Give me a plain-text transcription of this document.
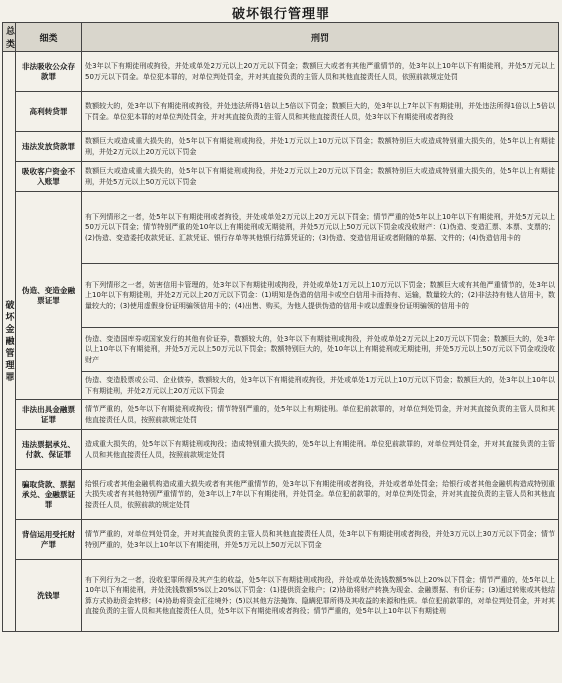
破坏银行管理罪
总类	细类	刑罚
破坏金融管理罪	非法吸收公众存款罪	处3年以下有期徒刑或拘役，并处或单处2万元以上20万元以下罚金；数额巨大或者有其他严重情节的，处3年以上10年以下有期徒刑，并处5万元以上50万元以下罚金。单位犯本罪的，对单位判处罚金，并对其直接负责的主管人员和其他直接责任人员，依照前款规定处罚
	高利转贷罪	数额较大的，处3年以下有期徒刑或拘役，并处违法所得1倍以上5倍以下罚金；数额巨大的，处3年以上7年以下有期徒刑，并处违法所得1倍以上5倍以下罚金。单位犯本罪的对单位判处罚金，并对其直接负责的主管人员和其他直接责任人员，处3年以下有期徒刑或者拘役
	违法发放贷款罪	数额巨大或造成重大损失的，处5年以下有期徒刑或拘役，并处1万元以上10万元以下罚金；数额特别巨大或造成特别重大损失的，处5年以上有期徒刑，并处2万元以上20万元以下罚金
	吸收客户资金不入账罪	数额巨大或造成重大损失的，处5年以下有期徒刑或拘役，并处2万元以上20万元以下罚金；数额特别巨大或造成特别重大损失的，处5年以上有期徒刑，并处5万元以上50万元以下罚金
	伪造、变造金融票证罪	有下列情形之一者，处5年以下有期徒刑或者拘役，并处或单处2万元以上20万元以下罚金；情节严重的处5年以上10年以下有期徒刑，并处5万元以上50万元以下罚金；情节特别严重的处10年以上有期徒刑或无期徒刑，并处5万元以上50万元以下罚金或没收财产：(1)伪造、变造汇票、本票、支票的；(2)伪造、变造委托收款凭证、汇款凭证、银行存单等其他银行结算凭证的；(3)伪造、变造信用证或者附随的单据、文件的；(4)伪造信用卡的
		有下列情形之一者，妨害信用卡管理的，处3年以下有期徒刑或拘役，并处或单处1万元以上10万元以下罚金；数额巨大或有其他严重情节的，处3年以上10年以下有期徒刑，并处2万元以上20万元以下罚金：(1)明知是伪造的信用卡或空白信用卡而持有、运输，数量较大的；(2)非法持有他人信用卡，数量较大的；(3)使用虚假身份证明骗领信用卡的；(4)出售、购买，为他人提供伪造的信用卡或以虚假身份证明骗领的信用卡的
		伪造、变造国库券或国家发行的其他有价证券，数额较大的，处3年以下有期徒刑或拘役，并处或单处2万元以上20万元以下罚金；数额巨大的，处3年以上10年以下有期徒刑，并处5万元以上50万元以下罚金；数额特别巨大的，处10年以上有期徒刑或无期徒刑，并处5万元以上50万元以下罚金或没收财产
		伪造、变造股票或公司、企业债券，数额较大的，处3年以下有期徒刑或拘役，并处或单处1万元以上10万元以下罚金；数额巨大的，处3年以上10年以下有期徒刑，并处2万元以上20万元以下罚金
	非法出具金融票证罪	情节严重的，处5年以下有期徒刑或拘役；情节特别严重的，处5年以上有期徒刑。单位犯前款罪的，对单位判处罚金，并对其直接负责的主管人员和其他直接责任人员，按照前款规定处罚
	违法票据承兑、付款、保证罪	造成重大损失的，处5年以下有期徒刑或拘役；造成特别重大损失的，处5年以上有期徒刑。单位犯前款罪的，对单位判处罚金，并对其直接负责的主管人员和其他直接责任人员，按照前款规定处罚
	骗取贷款、票据承兑、金融票证罪	给银行或者其他金融机构造成重大损失或者有其他严重情节的，处3年以下有期徒刑或者拘役，并处或者单处罚金；给银行或者其他金融机构造成特别重大损失或者有其他特别严重情节的，处3年以上7年以下有期徒刑，并处罚金。单位犯前款罪的，对单位判处罚金，并对其直接负责的主管人员和其他直接责任人员，依照前款的规定处罚
	背信运用受托财产罪	情节严重的，对单位判处罚金，并对其直接负责的主管人员和其他直接责任人员，处3年以下有期徒刑或者拘役，并处3万元以上30万元以下罚金；情节特别严重的，处3年以上10年以下有期徒刑，并处5万元以上50万元以下罚金
	洗钱罪	有下列行为之一者，没收犯罪所得及其产生的收益，处5年以下有期徒刑或拘役，并处或单处洗钱数额5%以上20%以下罚金；情节严重的，处5年以上10年以下有期徒刑，并处洗钱数额5%以上20%以下罚金：(1)提供资金账户；(2)协助将财产转换为现金、金融票据、有价证券；(3)通过转账或其他结算方式协助资金转移；(4)协助将资金汇往境外；(5)以其他方法掩饰、隐瞒犯罪所得及其收益的来源和性质。单位犯前款罪的，对单位判处罚金，并对其直接负责的主管人员和其他直接责任人员，处5年以下有期徒刑或者拘役；情节严重的，处5年以上10年以下有期徒刑
